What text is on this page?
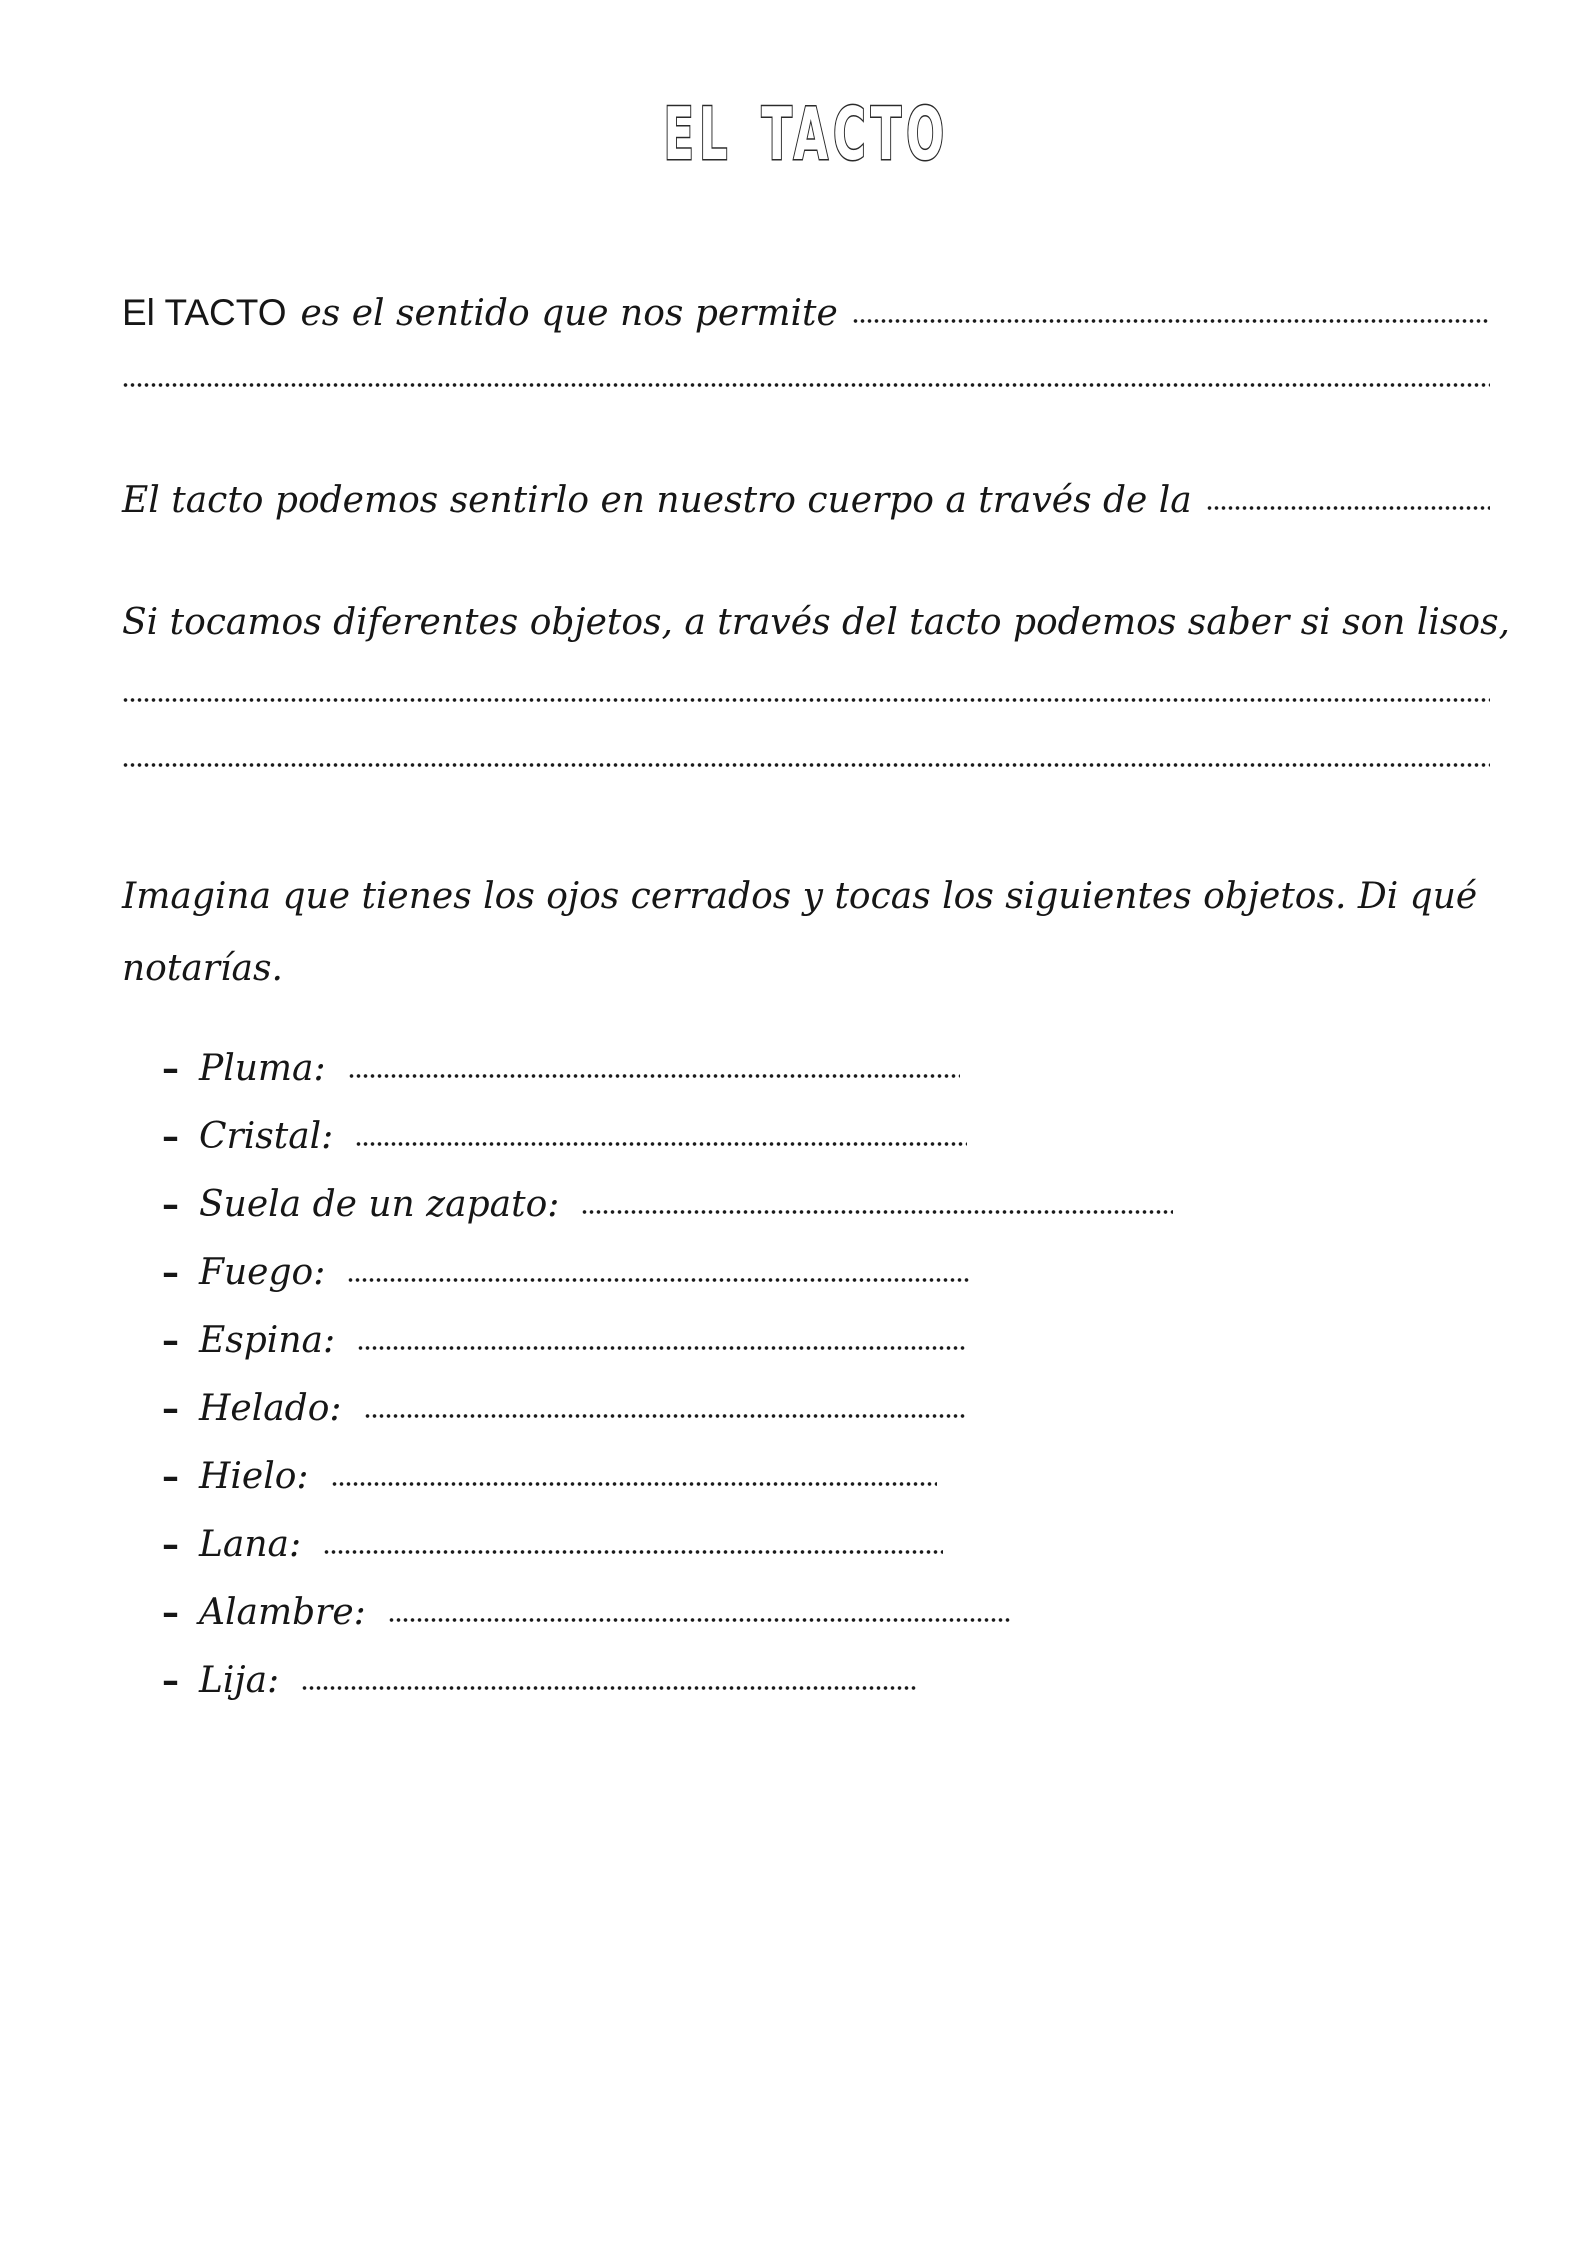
EL TACTO
El TACTO es el sentido que nos permite
El tacto podemos sentirlo en nuestro cuerpo a través de la
Si tocamos diferentes objetos, a través del tacto podemos saber si son lisos,
Imagina que tienes los ojos cerrados y tocas los siguientes objetos. Di qué
notarías.
– Pluma:
– Cristal:
– Suela de un zapato:
– Fuego:
– Espina:
– Helado:
– Hielo:
– Lana:
– Alambre:
– Lija:
